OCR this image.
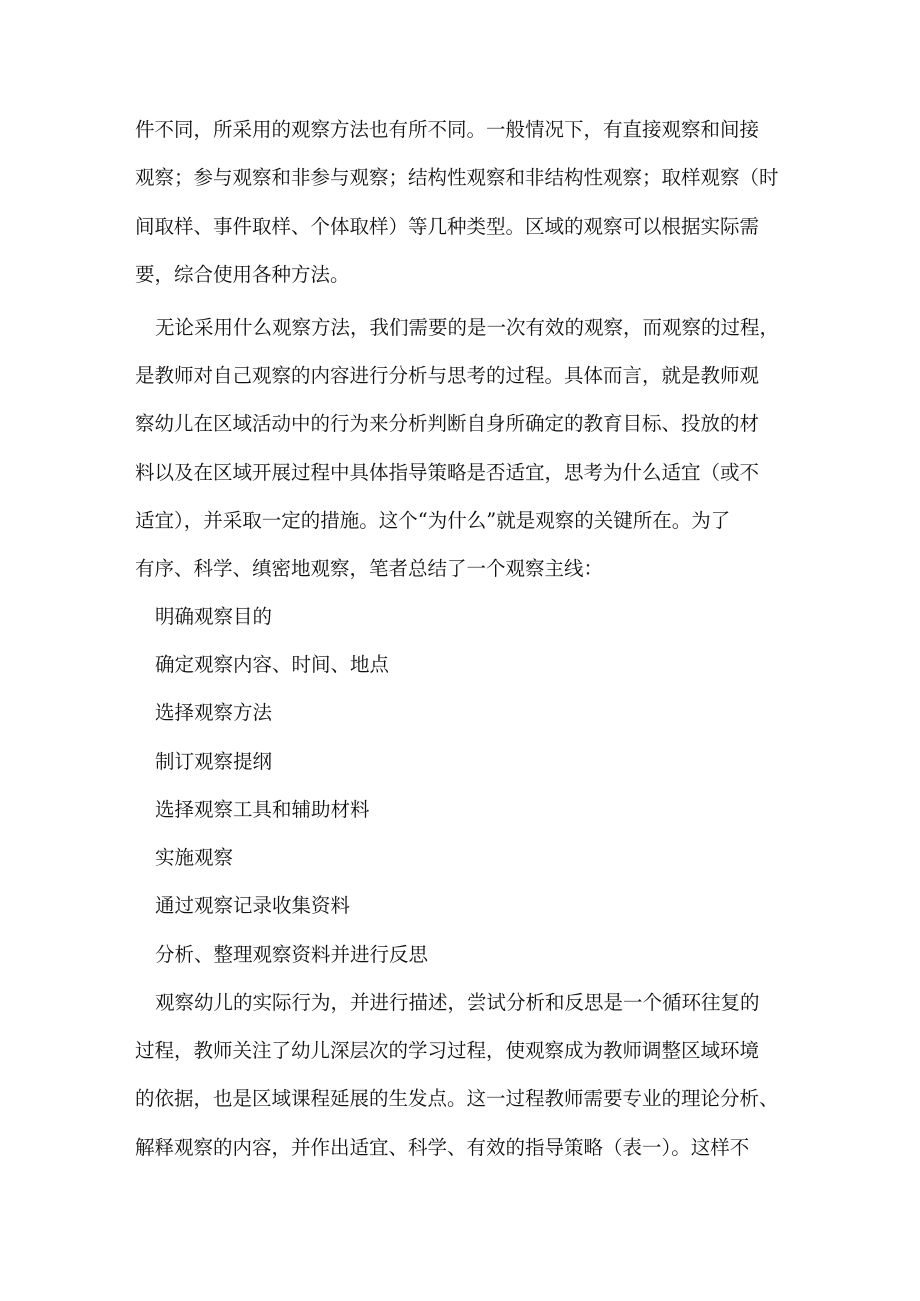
件不同，所采用的观察方法也有所不同。一般情况下，有直接观察和间接
观察；参与观察和非参与观察；结构性观察和非结构性观察；取样观察（时
间取样、事件取样、个体取样）等几种类型。区域的观察可以根据实际需
要，综合使用各种方法。
无论采用什么观察方法，我们需要的是一次有效的观察，而观察的过程，
是教师对自己观察的内容进行分析与思考的过程。具体而言，就是教师观
察幼儿在区域活动中的行为来分析判断自身所确定的教育目标、投放的材
料以及在区域开展过程中具体指导策略是否适宜，思考为什么适宜（或不
适宜），并采取一定的措施。这个“为什么”就是观察的关键所在。为了
有序、科学、缜密地观察，笔者总结了一个观察主线：
明确观察目的
确定观察内容、时间、地点
选择观察方法
制订观察提纲
选择观察工具和辅助材料
实施观察
通过观察记录收集资料
分析、整理观察资料并进行反思
观察幼儿的实际行为，并进行描述，尝试分析和反思是一个循环往复的
过程，教师关注了幼儿深层次的学习过程，使观察成为教师调整区域环境
的依据，也是区域课程延展的生发点。这一过程教师需要专业的理论分析、
解释观察的内容，并作出适宜、科学、有效的指导策略（表一）。这样不
